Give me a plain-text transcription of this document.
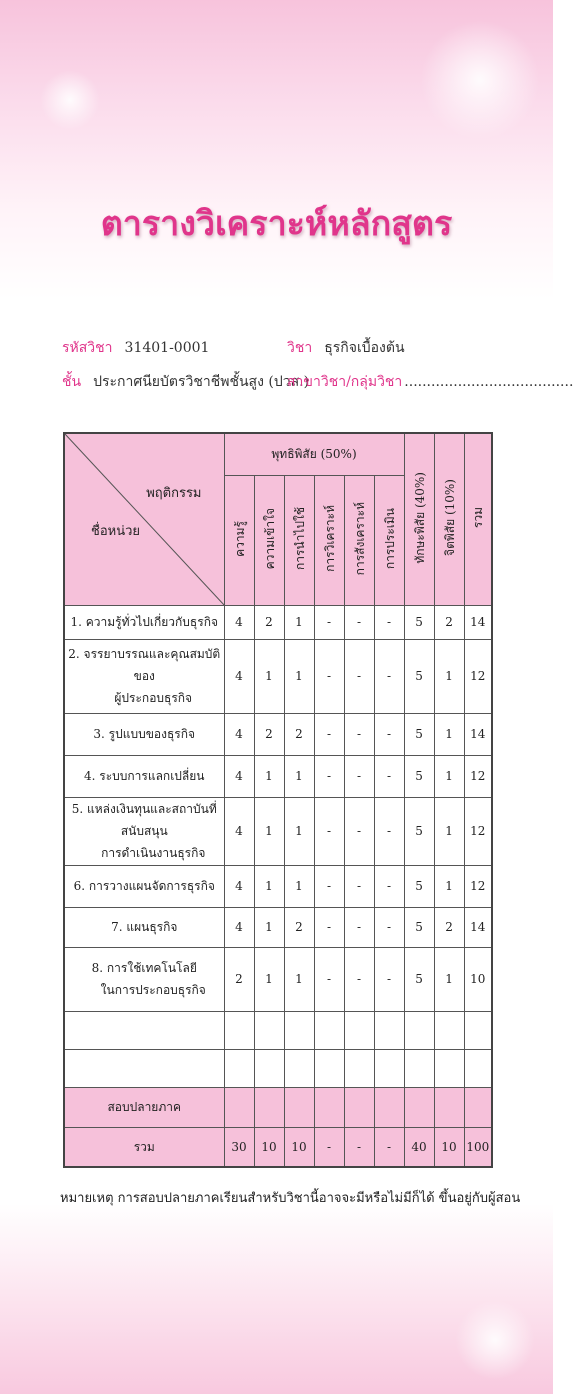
ตารางวิเคราะห์หลักสูตร
รหัสวิชา 31401-0001	วิชา ธุรกิจเบื้องต้น
ชั้น ประกาศนียบัตรวิชาชีพชั้นสูง (ปวส.)
สาขาวิชา/กลุ่มวิชา ......................................
พฤติกรรม
ชื่อหน่วย	พุทธิพิสัย (50%)						ทักษะพิสัย (40%)	จิตพิสัย (10%)	รวม
	ความรู้	ความเข้าใจ	การนำไปใช้	การวิเคราะห์	การสังเคราะห์	การประเมิน			

1. ความรู้ทั่วไปเกี่ยวกับธุรกิจ	4	2	1	-	-	-	5	2	14

2. จรรยาบรรณและคุณสมบัติของ
ผู้ประกอบธุรกิจ	4	1	1	-	-	-	5	1	12

3. รูปแบบของธุรกิจ	4	2	2	-	-	-	5	1	14

4. ระบบการแลกเปลี่ยน	4	1	1	-	-	-	5	1	12

5. แหล่งเงินทุนและสถาบันที่สนับสนุน
การดำเนินงานธุรกิจ	4	1	1	-	-	-	5	1	12

6. การวางแผนจัดการธุรกิจ	4	1	1	-	-	-	5	1	12

7. แผนธุรกิจ	4	1	2	-	-	-	5	2	14

8. การใช้เทคโนโลยี
ในการประกอบธุรกิจ	2	1	1	-	-	-	5	1	10

สอบปลายภาค									
รวม	30	10	10	-	-	-	40	10	100
หมายเหตุ การสอบปลายภาคเรียนสำหรับวิชานี้อาจจะมีหรือไม่มีก็ได้ ขึ้นอยู่กับผู้สอน
